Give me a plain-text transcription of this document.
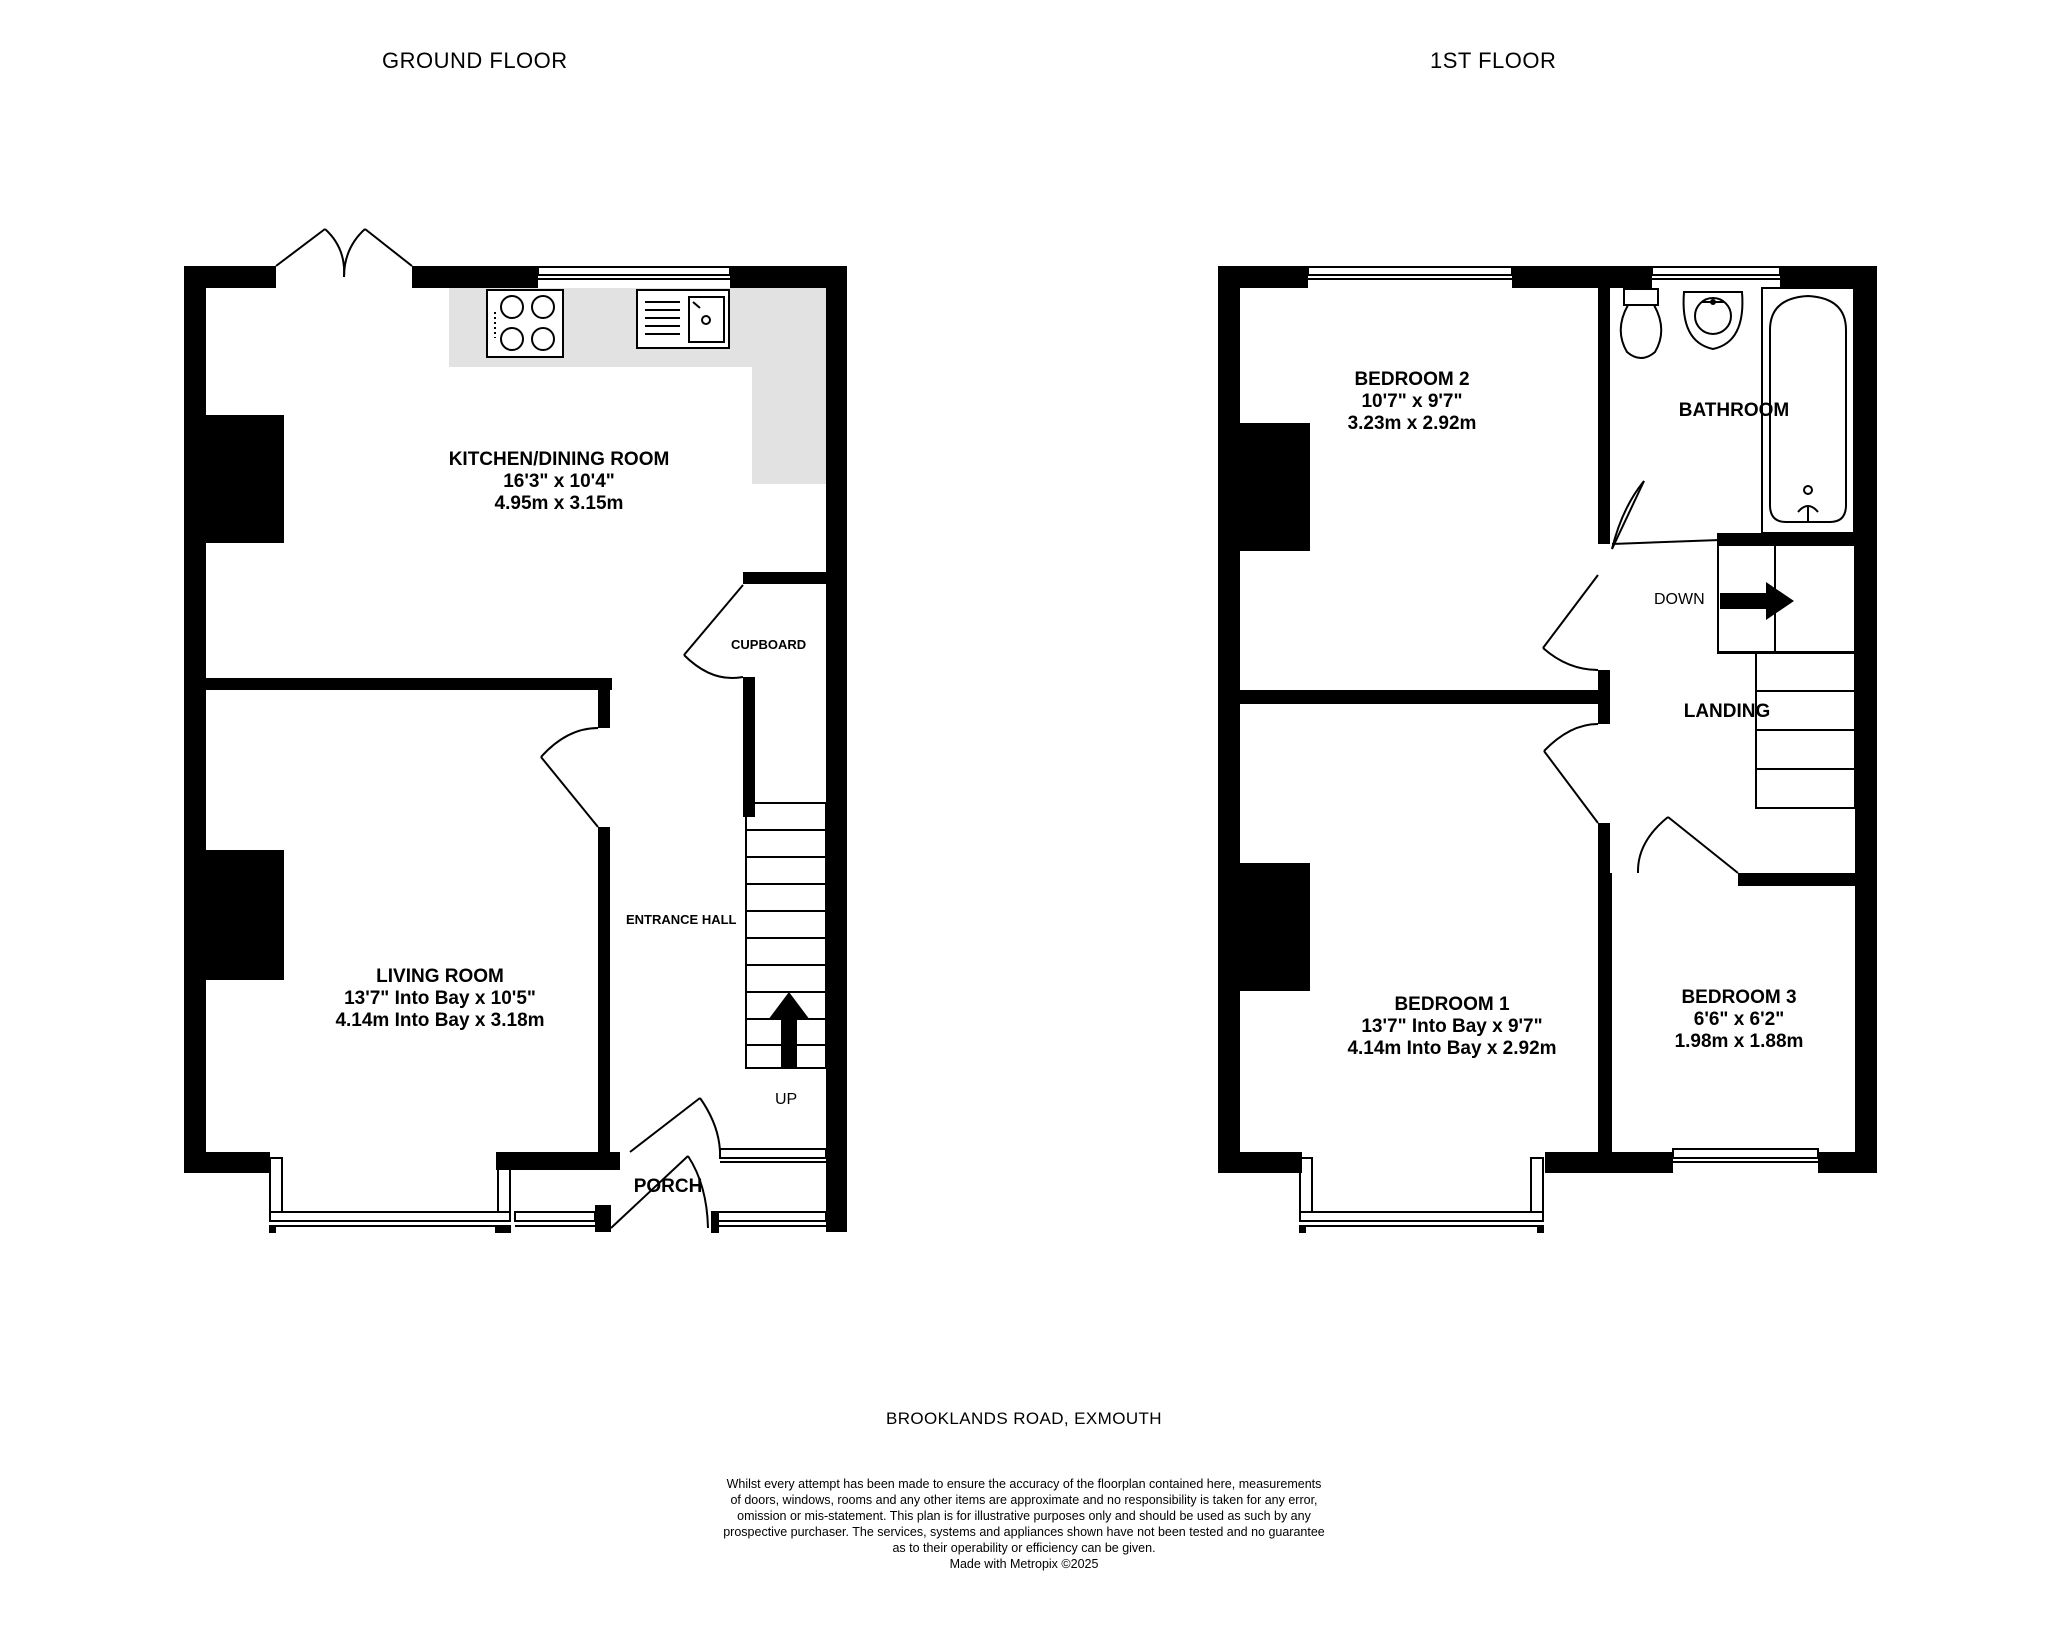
GROUND FLOOR	1ST FLOOR
KITCHEN/DINING ROOM
16'3" x 10'4"
4.95m x 3.15m
LIVING ROOM
13'7" Into Bay x 10'5"
4.14m Into Bay x 3.18m
CUPBOARD
ENTRANCE HALL
PORCH
UP
BEDROOM 2
10'7" x 9'7"
3.23m x 2.92m
BATHROOM
DOWN
LANDING
BEDROOM 1
13'7" Into Bay x 9'7"
4.14m Into Bay x 2.92m
BEDROOM 3
6'6" x 6'2"
1.98m x 1.88m
BROOKLANDS ROAD, EXMOUTH
Whilst every attempt has been made to ensure the accuracy of the floorplan contained here, measurements
of doors, windows, rooms and any other items are approximate and no responsibility is taken for any error,
omission or mis-statement. This plan is for illustrative purposes only and should be used as such by any
prospective purchaser. The services, systems and appliances shown have not been tested and no guarantee
as to their operability or efficiency can be given.
Made with Metropix ©2025
